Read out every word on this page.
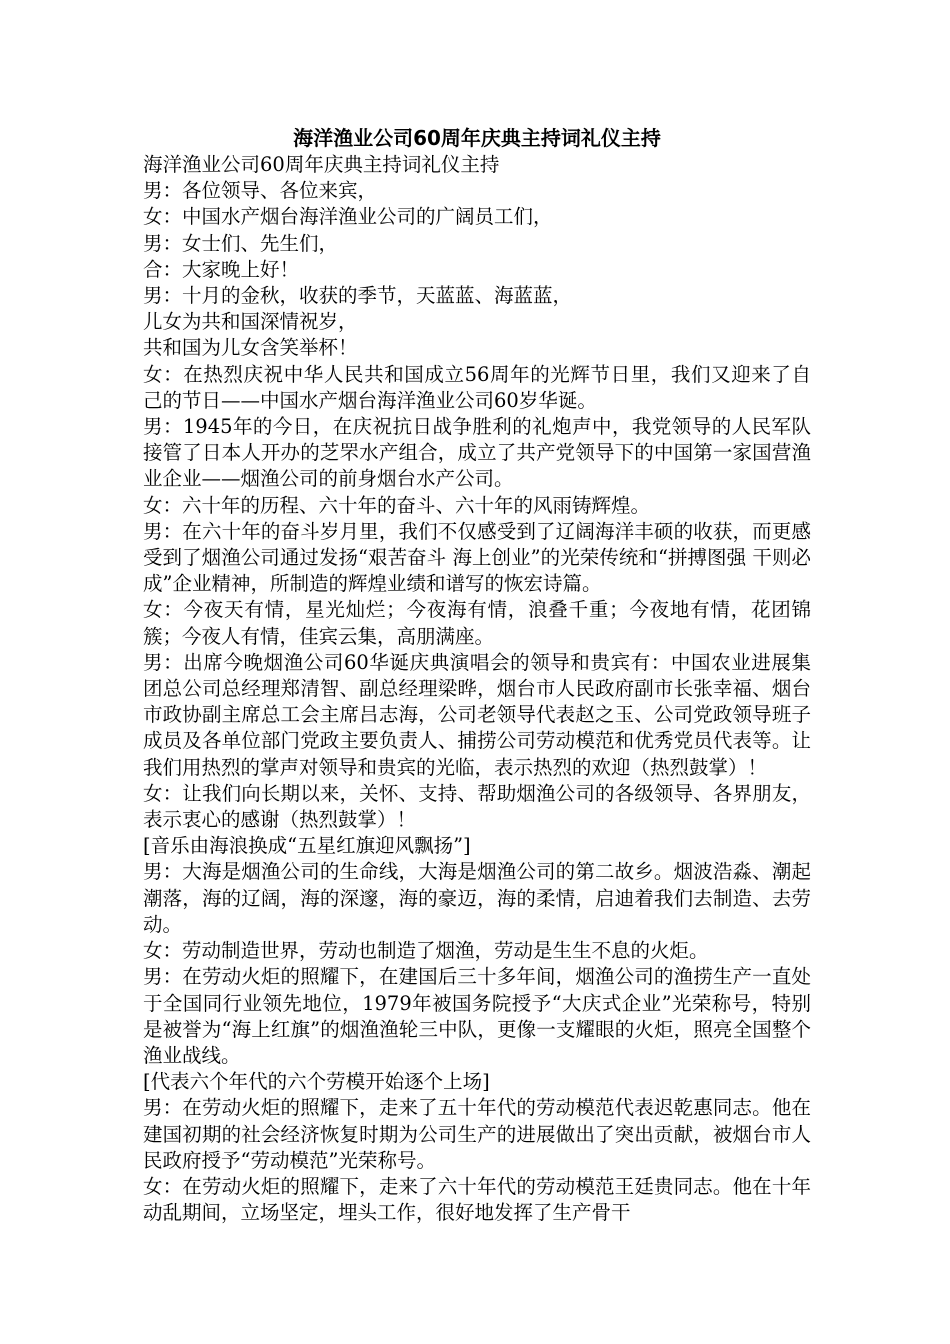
海洋渔业公司60周年庆典主持词礼仪主持

海洋渔业公司60周年庆典主持词礼仪主持

男：各位领导、各位来宾，

女：中国水产烟台海洋渔业公司的广阔员工们，

男：女士们、先生们，

合：大家晚上好！

男：十月的金秋，收获的季节，天蓝蓝、海蓝蓝，

儿女为共和国深情祝岁，

共和国为儿女含笑举杯！

女：在热烈庆祝中华人民共和国成立56周年的光辉节日里，我们又迎来了自己的节日——中国水产烟台海洋渔业公司60岁华诞。

男：1945年的今日，在庆祝抗日战争胜利的礼炮声中，我党领导的人民军队接管了日本人开办的芝罘水产组合，成立了共产党领导下的中国第一家国营渔业企业——烟渔公司的前身烟台水产公司。

女：六十年的历程、六十年的奋斗、六十年的风雨铸辉煌。

男：在六十年的奋斗岁月里，我们不仅感受到了辽阔海洋丰硕的收获，而更感受到了烟渔公司通过发扬“艰苦奋斗 海上创业”的光荣传统和“拼搏图强 干则必成”企业精神，所制造的辉煌业绩和谱写的恢宏诗篇。

女：今夜天有情，星光灿烂；今夜海有情，浪叠千重；今夜地有情，花团锦簇；今夜人有情，佳宾云集，高朋满座。

男：出席今晚烟渔公司60华诞庆典演唱会的领导和贵宾有：中国农业进展集团总公司总经理郑清智、副总经理梁晔，烟台市人民政府副市长张幸福、烟台市政协副主席总工会主席吕志海，公司老领导代表赵之玉、公司党政领导班子成员及各单位部门党政主要负责人、捕捞公司劳动模范和优秀党员代表等。让我们用热烈的掌声对领导和贵宾的光临，表示热烈的欢迎（热烈鼓掌）！

女：让我们向长期以来，关怀、支持、帮助烟渔公司的各级领导、各界朋友，表示衷心的感谢（热烈鼓掌）！

[音乐由海浪换成“五星红旗迎风飘扬”]

男：大海是烟渔公司的生命线，大海是烟渔公司的第二故乡。烟波浩淼、潮起潮落，海的辽阔，海的深邃，海的豪迈，海的柔情，启迪着我们去制造、去劳动。

女：劳动制造世界，劳动也制造了烟渔，劳动是生生不息的火炬。

男：在劳动火炬的照耀下，在建国后三十多年间，烟渔公司的渔捞生产一直处于全国同行业领先地位，1979年被国务院授予“大庆式企业”光荣称号，特别是被誉为“海上红旗”的烟渔渔轮三中队，更像一支耀眼的火炬，照亮全国整个渔业战线。

[代表六个年代的六个劳模开始逐个上场]

男：在劳动火炬的照耀下，走来了五十年代的劳动模范代表迟乾惠同志。他在建国初期的社会经济恢复时期为公司生产的进展做出了突出贡献，被烟台市人民政府授予“劳动模范”光荣称号。

女：在劳动火炬的照耀下，走来了六十年代的劳动模范王廷贵同志。他在十年动乱期间，立场坚定，埋头工作，很好地发挥了生产骨干
